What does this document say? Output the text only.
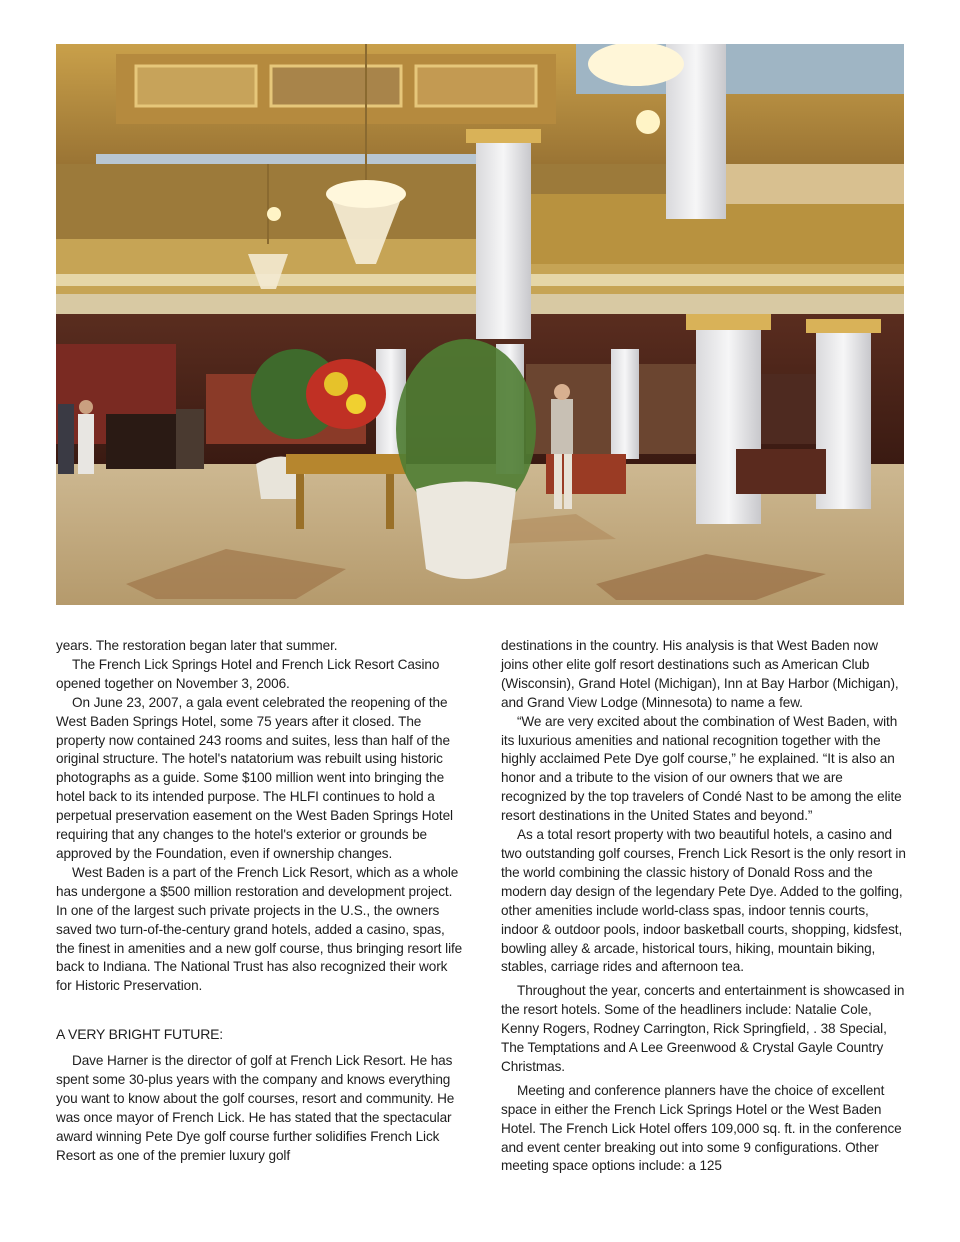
years. The restoration began later that summer.

The French Lick Springs Hotel and French Lick Resort Casino opened together on November 3, 2006.

On June 23, 2007, a gala event celebrated the reopening of the West Baden Springs Hotel, some 75 years after it closed. The property now contained 243 rooms and suites, less than half of the original structure. The hotel's natatorium was rebuilt using historic photographs as a guide. Some $100 million went into bringing the hotel back to its intended purpose. The HLFI continues to hold a perpetual preservation easement on the West Baden Springs Hotel requiring that any changes to the hotel's exterior or grounds be approved by the Foundation, even if ownership changes.

West Baden is a part of the French Lick Resort, which as a whole has undergone a $500 million restoration and development project. In one of the largest such private projects in the U.S., the owners saved two turn-of-the-century grand hotels, added a casino, spas, the finest in amenities and a new golf course, thus bringing resort life back to Indiana. The National Trust has also recognized their work for Historic Preservation.

A VERY BRIGHT FUTURE:

Dave Harner is the director of golf at French Lick Resort. He has spent some 30-plus years with the company and knows everything you want to know about the golf courses, resort and community. He was once mayor of French Lick. He has stated that the spectacular award winning Pete Dye golf course further solidifies French Lick Resort as one of the premier luxury golf

destinations in the country. His analysis is that West Baden now joins other elite golf resort destinations such as American Club (Wisconsin), Grand Hotel (Michigan), Inn at Bay Harbor (Michigan), and Grand View Lodge (Minnesota) to name a few.

“We are very excited about the combination of West Baden, with its luxurious amenities and national recognition together with the highly acclaimed Pete Dye golf course,” he explained. “It is also an honor and a tribute to the vision of our owners that we are recognized by the top travelers of Condé Nast to be among the elite resort destinations in the United States and beyond.”

As a total resort property with two beautiful hotels, a casino and two outstanding golf courses, French Lick Resort is the only resort in the world combining the classic history of Donald Ross and the modern day design of the legendary Pete Dye. Added to the golfing, other amenities include world-class spas, indoor tennis courts, indoor & outdoor pools, indoor basketball courts, shopping, kidsfest, bowling alley & arcade, historical tours, hiking, mountain biking, stables, carriage rides and afternoon tea.

Throughout the year, concerts and entertainment is showcased in the resort hotels. Some of the headliners include: Natalie Cole, Kenny Rogers, Rodney Carrington, Rick Springfield, . 38 Special, The Temptations and A Lee Greenwood & Crystal Gayle Country Christmas.

Meeting and conference planners have the choice of excellent space in either the French Lick Springs Hotel or the West Baden Hotel. The French Lick Hotel offers 109,000 sq. ft. in the conference and event center breaking out into some 9 configurations. Other meeting space options include: a 125
